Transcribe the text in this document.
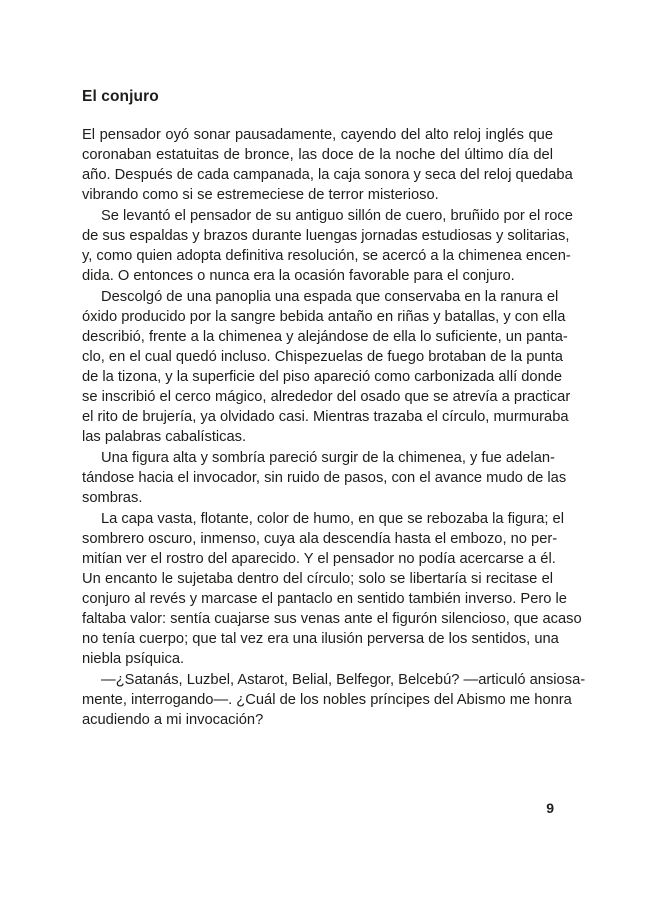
El conjuro

El pensador oyó sonar pausadamente, cayendo del alto reloj inglés que

coronaban estatuitas de bronce, las doce de la noche del último día del

año. Después de cada campanada, la caja sonora y seca del reloj quedaba

vibrando como si se estremeciese de terror misterioso.

Se levantó el pensador de su antiguo sillón de cuero, bruñido por el roce

de sus espaldas y brazos durante luengas jornadas estudiosas y solitarias,

y, como quien adopta definitiva resolución, se acercó a la chimenea encen-

dida. O entonces o nunca era la ocasión favorable para el conjuro.

Descolgó de una panoplia una espada que conservaba en la ranura el

óxido producido por la sangre bebida antaño en riñas y batallas, y con ella

describió, frente a la chimenea y alejándose de ella lo suficiente, un panta-

clo, en el cual quedó incluso. Chispezuelas de fuego brotaban de la punta

de la tizona, y la superficie del piso apareció como carbonizada allí donde

se inscribió el cerco mágico, alrededor del osado que se atrevía a practicar

el rito de brujería, ya olvidado casi. Mientras trazaba el círculo, murmuraba

las palabras cabalísticas.

Una figura alta y sombría pareció surgir de la chimenea, y fue adelan-

tándose hacia el invocador, sin ruido de pasos, con el avance mudo de las

sombras.

La capa vasta, flotante, color de humo, en que se rebozaba la figura; el

sombrero oscuro, inmenso, cuya ala descendía hasta el embozo, no per-

mitían ver el rostro del aparecido. Y el pensador no podía acercarse a él.

Un encanto le sujetaba dentro del círculo; solo se libertaría si recitase el

conjuro al revés y marcase el pantaclo en sentido también inverso. Pero le

faltaba valor: sentía cuajarse sus venas ante el figurón silencioso, que acaso

no tenía cuerpo; que tal vez era una ilusión perversa de los sentidos, una

niebla psíquica.

—¿Satanás, Luzbel, Astarot, Belial, Belfegor, Belcebú? —articuló ansiosa-

mente, interrogando—. ¿Cuál de los nobles príncipes del Abismo me honra

acudiendo a mi invocación?

9
